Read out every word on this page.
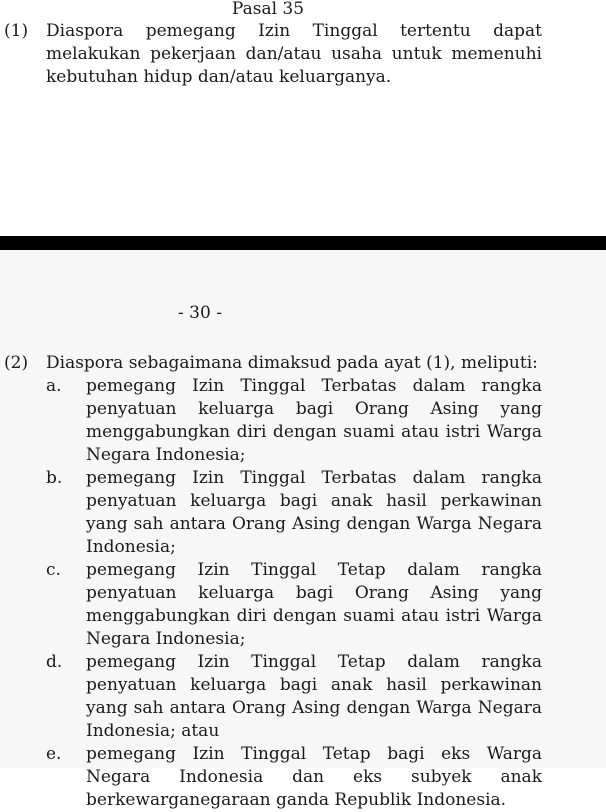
Pasal 35
(1) Diaspora pemegang Izin Tinggal tertentu dapat melakukan pekerjaan dan/atau usaha untuk memenuhi kebutuhan hidup dan/atau keluarganya.
- 30 -
(2) Diaspora sebagaimana dimaksud pada ayat (1), meliputi:
a. pemegang Izin Tinggal Terbatas dalam rangka penyatuan keluarga bagi Orang Asing yang menggabungkan diri dengan suami atau istri Warga Negara Indonesia;
b. pemegang Izin Tinggal Terbatas dalam rangka penyatuan keluarga bagi anak hasil perkawinan yang sah antara Orang Asing dengan Warga Negara Indonesia;
c. pemegang Izin Tinggal Tetap dalam rangka penyatuan keluarga bagi Orang Asing yang menggabungkan diri dengan suami atau istri Warga Negara Indonesia;
d. pemegang Izin Tinggal Tetap dalam rangka penyatuan keluarga bagi anak hasil perkawinan yang sah antara Orang Asing dengan Warga Negara Indonesia; atau
e. pemegang Izin Tinggal Tetap bagi eks Warga Negara Indonesia dan eks subyek anak berkewarganegaraan ganda Republik Indonesia.
